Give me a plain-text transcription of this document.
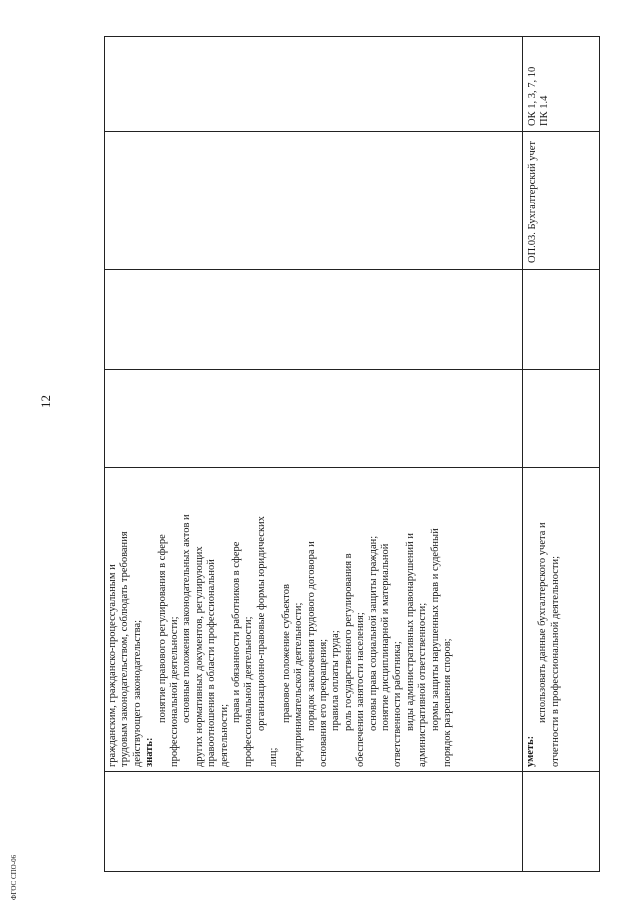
12
ФГОС СПО-06
гражданским, гражданско-процессуальным и трудовым законодательством, соблюдать требования действующего законодательства; знать:
понятие правового регулирования в сфере профессиональной деятельности; основные положения законодательных актов и других нормативных документов, регулирующих правоотношения в области профессиональной деятельности;
права и обязанности работников в сфере профессиональной деятельности; организационно-правовые формы юридических
лиц;
правовое положение субъектов предпринимательской деятельности; порядок заключения трудового договора и основания его прекращения; правила оплаты труда; роль государственного регулирования в обеспечении занятости населения; основы права социальной защиты граждан; понятие дисциплинарной и материальной ответственности работника; виды административных правонарушений и административной ответственности; нормы защиты нарушенных прав и судебный порядок разрешения споров;	уметь:
использовать данные бухгалтерского учета и отчетности в профессиональной деятельности;
ОП.03. Бухгалтерский учет
ОК 1, 3, 7, 10 ПК 1.4
